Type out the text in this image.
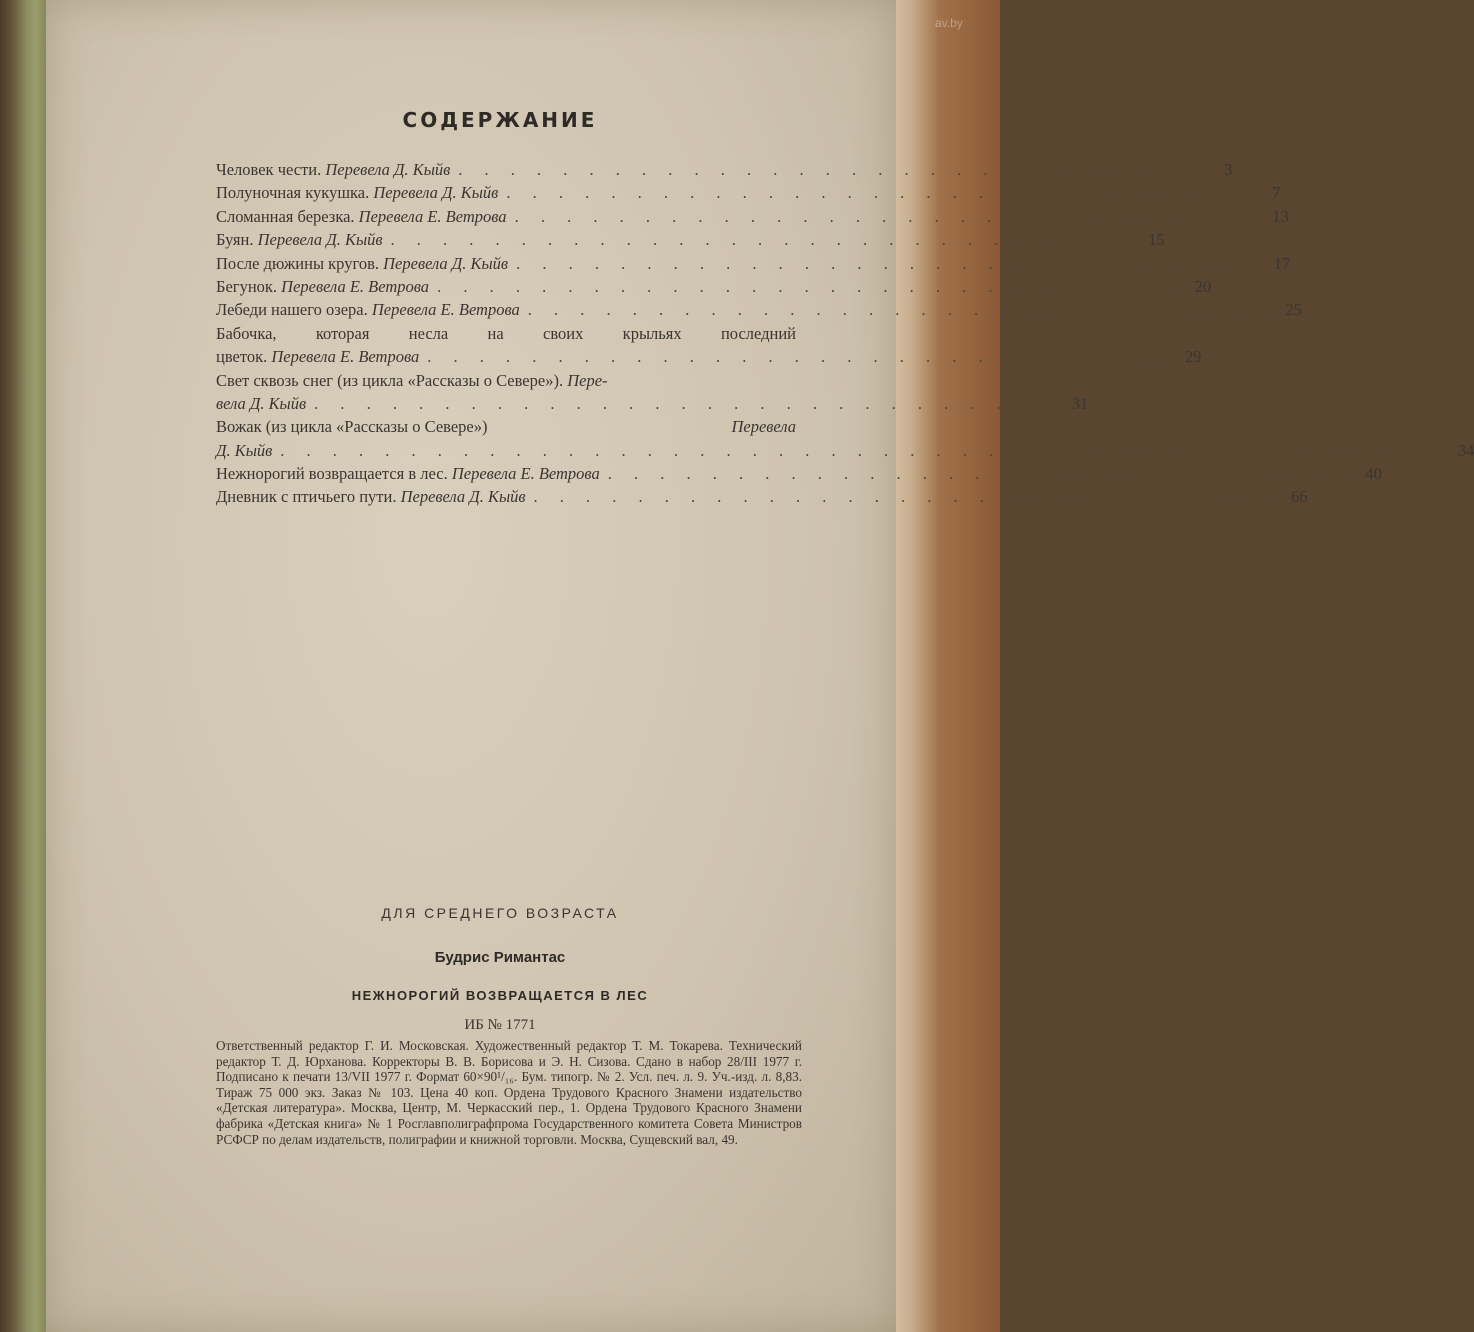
av.by
СОДЕРЖАНИЕ
Человек чести. Перевела Д. Кыйв . . . . . . . . . . . . . . . . . . . . . . . . . . . . .	3
Полуночная кукушка. Перевела Д. Кыйв . . . . . . . . . . . . . . . . . . . . . . . . . . . . .	7
Сломанная березка. Перевела Е. Ветрова . . . . . . . . . . . . . . . . . . . . . . . . . . . . . 13
Буян. Перевела Д. Кыйв . . . . . . . . . . . . . . . . . . . . . . . . . . . . . 15
После дюжины кругов. Перевела Д. Кыйв . . . . . . . . . . . . . . . . . . . . . . . . . . . . . 17
Бегунок. Перевела Е. Ветрова . . . . . . . . . . . . . . . . . . . . . . . . . . . . . 20
Лебеди нашего озера. Перевела Е. Ветрова . . . . . . . . . . . . . . . . . . . . . . . . . . . . . 25
Бабочка, которая несла на своих крыльях последний
цветок. Перевела Е. Ветрова . . . . . . . . . . . . . . . . . . . . . . . . . . . . . 29
Свет сквозь снег (из цикла «Рассказы о Севере»). Пере-
вела Д. Кыйв . . . . . . . . . . . . . . . . . . . . . . . . . . . . . 31
Вожак (из цикла «Рассказы о Севере»)	Перевела
Д. Кыйв . . . . . . . . . . . . . . . . . . . . . . . . . . . . . . . . . . . . . . . . . . . . . 34
Нежнорогий возвращается в лес. Перевела Е. Ветрова . . . . . . . . . . . . . . . . . . . . . . . . . . . . . 40
Дневник с птичьего пути. Перевела Д. Кыйв . . . . . . . . . . . . . . . . . . . . . . . . . . . . . 66
ДЛЯ СРЕДНЕГО ВОЗРАСТА
Будрис Римантас
НЕЖНОРОГИЙ ВОЗВРАЩАЕТСЯ В ЛЕС
ИБ № 1771
Ответственный редактор Г. И. Московская. Художественный редактор Т. М. Токарева. Технический редактор Т. Д. Юрханова. Корректоры В. В. Борисова и Э. Н. Сизова. Сдано в набор 28/III 1977 г. Подписано к печати 13/VII 1977 г. Формат 60×90¹/₁₆. Бум. типогр. № 2. Усл. печ. л. 9. Уч.-изд. л. 8,83. Тираж 75 000 экз. Заказ № 103. Цена 40 коп. Ордена Трудового Красного Знамени издательство «Детская литература». Москва, Центр, М. Черкасский пер., 1. Ордена Трудового Красного Знамени фабрика «Детская книга» № 1 Росглавполиграфпрома Государственного комитета Совета Министров РСФСР по делам издательств, полиграфии и книжной торговли. Москва, Сущевский вал, 49.
